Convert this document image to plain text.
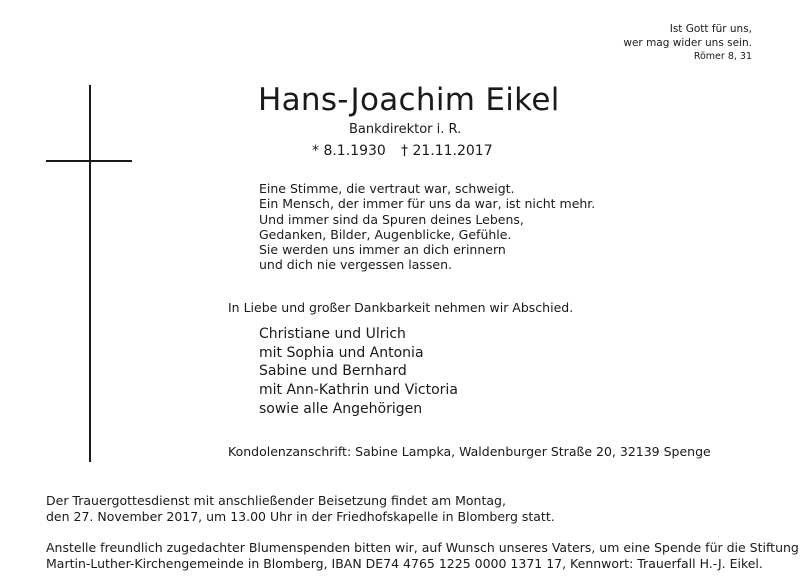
Ist Gott für uns,
wer mag wider uns sein.
Römer 8, 31
Hans-Joachim Eikel
Bankdirektor i. R.
* 8.1.1930 † 21.11.2017
Eine Stimme, die vertraut war, schweigt.
Ein Mensch, der immer für uns da war, ist nicht mehr.
Und immer sind da Spuren deines Lebens,
Gedanken, Bilder, Augenblicke, Gefühle.
Sie werden uns immer an dich erinnern
und dich nie vergessen lassen.
In Liebe und großer Dankbarkeit nehmen wir Abschied.
Christiane und Ulrich
mit Sophia und Antonia
Sabine und Bernhard
mit Ann-Kathrin und Victoria
sowie alle Angehörigen
Kondolenzanschrift: Sabine Lampka, Waldenburger Straße 20, 32139 Spenge
Der Trauergottesdienst mit anschließender Beisetzung findet am Montag,
den 27. November 2017, um 13.00 Uhr in der Friedhofskapelle in Blomberg statt.
Anstelle freundlich zugedachter Blumenspenden bitten wir, auf Wunsch unseres Vaters, um eine Spende für die Stiftung
Martin-Luther-Kirchengemeinde in Blomberg, IBAN DE74 4765 1225 0000 1371 17, Kennwort: Trauerfall H.-J. Eikel.
